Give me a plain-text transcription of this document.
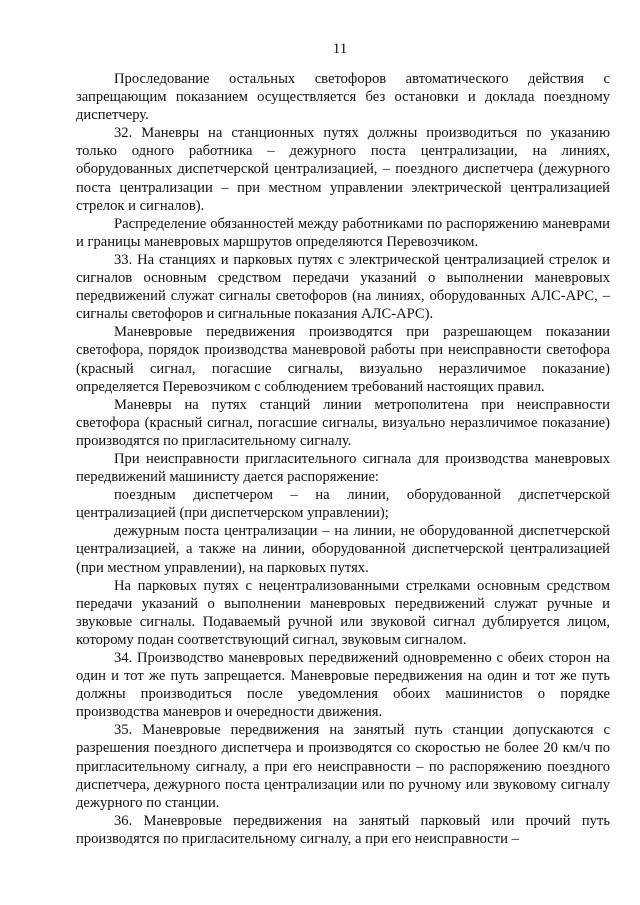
11

Проследование остальных светофоров автоматического действия с запрещающим показанием осуществляется без остановки и доклада поездному диспетчеру.

32. Маневры на станционных путях должны производиться по указанию только одного работника – дежурного поста централизации, на линиях, оборудованных диспетчерской централизацией, – поездного диспетчера (дежурного поста централизации – при местном управлении электрической централизацией стрелок и сигналов).

Распределение обязанностей между работниками по распоряжению маневрами и границы маневровых маршрутов определяются Перевозчиком.

33. На станциях и парковых путях с электрической централизацией стрелок и сигналов основным средством передачи указаний о выполнении маневровых передвижений служат сигналы светофоров (на линиях, оборудованных АЛС-АРС, – сигналы светофоров и сигнальные показания АЛС-АРС).

Маневровые передвижения производятся при разрешающем показании светофора, порядок производства маневровой работы при неисправности светофора (красный сигнал, погасшие сигналы, визуально неразличимое показание) определяется Перевозчиком с соблюдением требований настоящих правил.

Маневры на путях станций линии метрополитена при неисправности светофора (красный сигнал, погасшие сигналы, визуально неразличимое показание) производятся по пригласительному сигналу.

При неисправности пригласительного сигнала для производства маневровых передвижений машинисту дается распоряжение:

поездным диспетчером – на линии, оборудованной диспетчерской централизацией (при диспетчерском управлении);

дежурным поста централизации – на линии, не оборудованной диспетчерской централизацией, а также на линии, оборудованной диспетчерской централизацией (при местном управлении), на парковых путях.

На парковых путях с нецентрализованными стрелками основным средством передачи указаний о выполнении маневровых передвижений служат ручные и звуковые сигналы. Подаваемый ручной или звуковой сигнал дублируется лицом, которому подан соответствующий сигнал, звуковым сигналом.

34. Производство маневровых передвижений одновременно с обеих сторон на один и тот же путь запрещается. Маневровые передвижения на один и тот же путь должны производиться после уведомления обоих машинистов о порядке производства маневров и очередности движения.

35. Маневровые передвижения на занятый путь станции допускаются с разрешения поездного диспетчера и производятся со скоростью не более 20 км/ч по пригласительному сигналу, а при его неисправности – по распоряжению поездного диспетчера, дежурного поста централизации или по ручному или звуковому сигналу дежурного по станции.

36. Маневровые передвижения на занятый парковый или прочий путь производятся по пригласительному сигналу, а при его неисправности –
